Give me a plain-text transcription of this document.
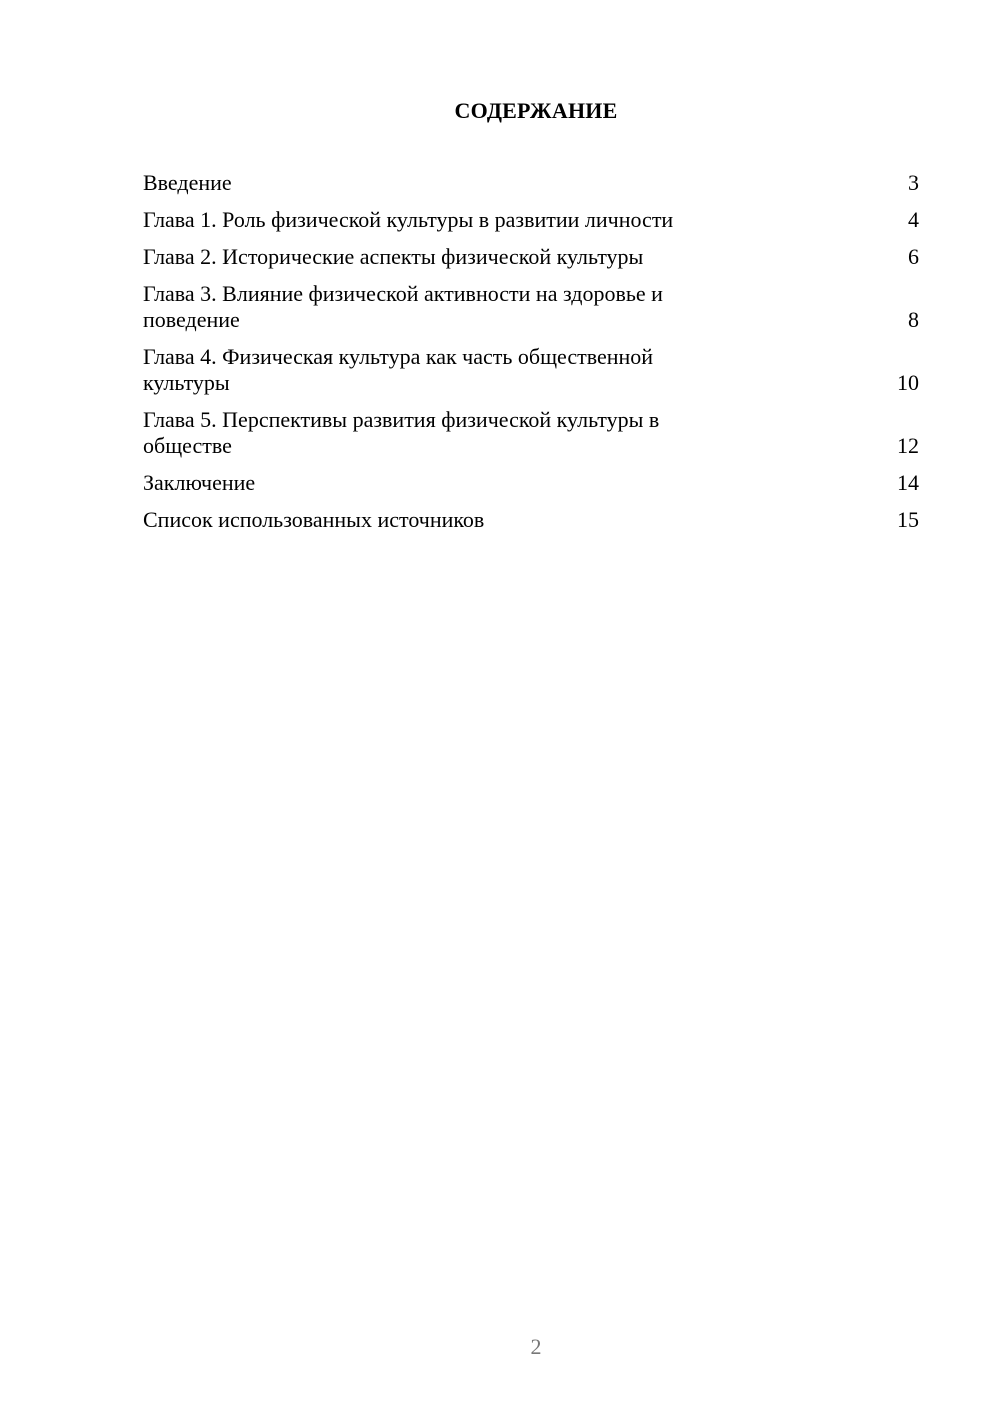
СОДЕРЖАНИЕ
Введение	3
Глава 1. Роль физической культуры в развитии личности	4
Глава 2. Исторические аспекты физической культуры	6
Глава 3. Влияние физической активности на здоровье и поведение	8
Глава 4. Физическая культура как часть общественной культуры	10
Глава 5. Перспективы развития физической культуры в обществе	12
Заключение	14
Список использованных источников	15
2
